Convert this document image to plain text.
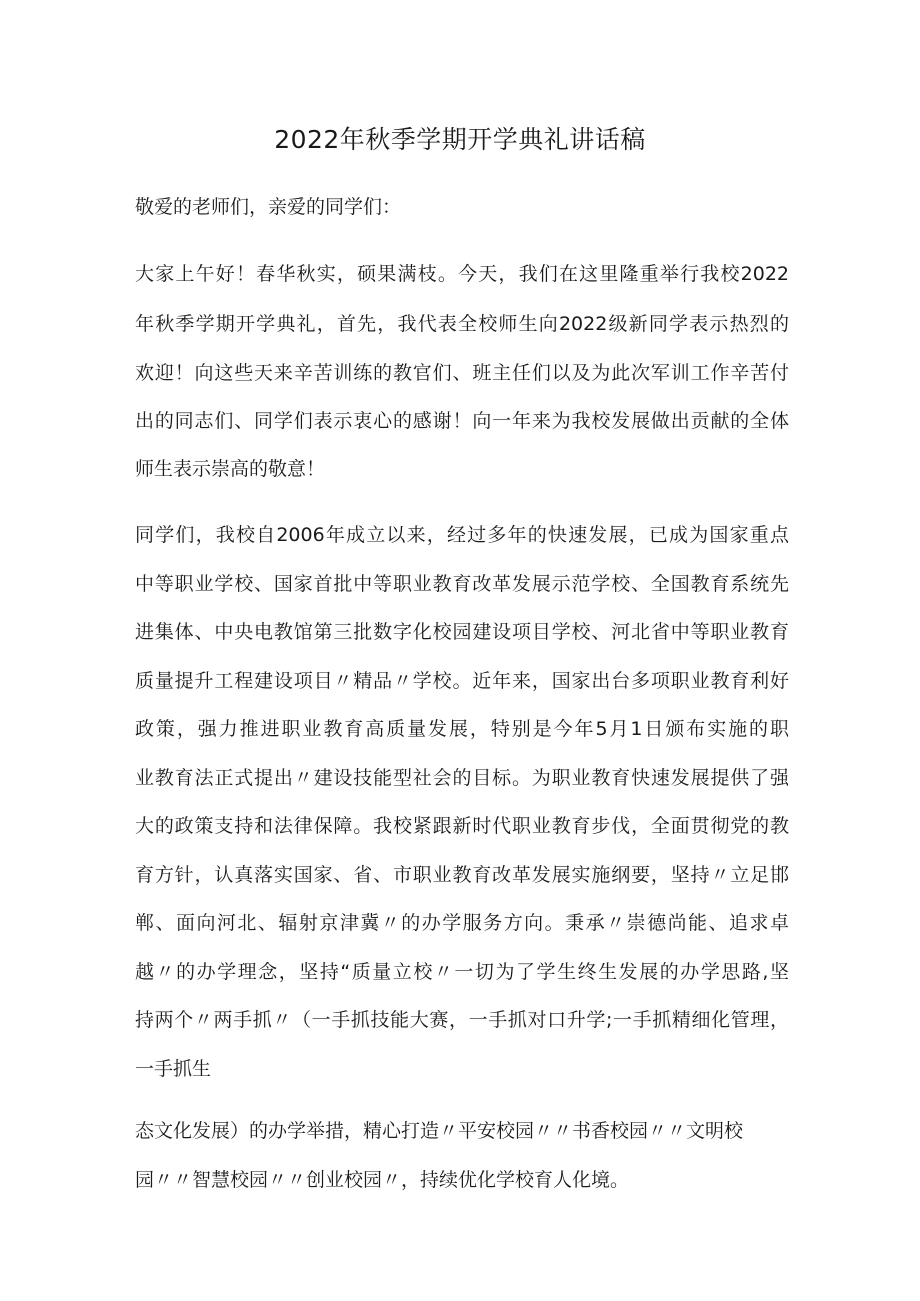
2022年秋季学期开学典礼讲话稿

敬爱的老师们，亲爱的同学们：

大家上午好！春华秋实，硕果满枝。今天，我们在这里隆重举行我校2022

年秋季学期开学典礼，首先，我代表全校师生向2022级新同学表示热烈的

欢迎！向这些天来辛苦训练的教官们、班主任们以及为此次军训工作辛苦付

出的同志们、同学们表示衷心的感谢！向一年来为我校发展做出贡献的全体

师生表示崇高的敬意！

同学们，我校自2006年成立以来，经过多年的快速发展，已成为国家重点

中等职业学校、国家首批中等职业教育改革发展示范学校、全国教育系统先

进集体、中央电教馆第三批数字化校园建设项目学校、河北省中等职业教育

质量提升工程建设项目〃精品〃学校。近年来，国家出台多项职业教育利好

政策，强力推进职业教育高质量发展，特别是今年5月1日颁布实施的职

业教育法正式提出〃建设技能型社会的目标。为职业教育快速发展提供了强

大的政策支持和法律保障。我校紧跟新时代职业教育步伐，全面贯彻党的教

育方针，认真落实国家、省、市职业教育改革发展实施纲要，坚持〃立足邯

郸、面向河北、辐射京津冀〃的办学服务方向。秉承〃崇德尚能、追求卓

越〃的办学理念，坚持“质量立校〃一切为了学生终生发展的办学思路,坚

持两个〃两手抓〃（一手抓技能大赛，一手抓对口升学;一手抓精细化管理，

一手抓生

态文化发展）的办学举措，精心打造〃平安校园〃〃书香校园〃〃文明校

园〃〃智慧校园〃〃创业校园〃，持续优化学校育人化境。
